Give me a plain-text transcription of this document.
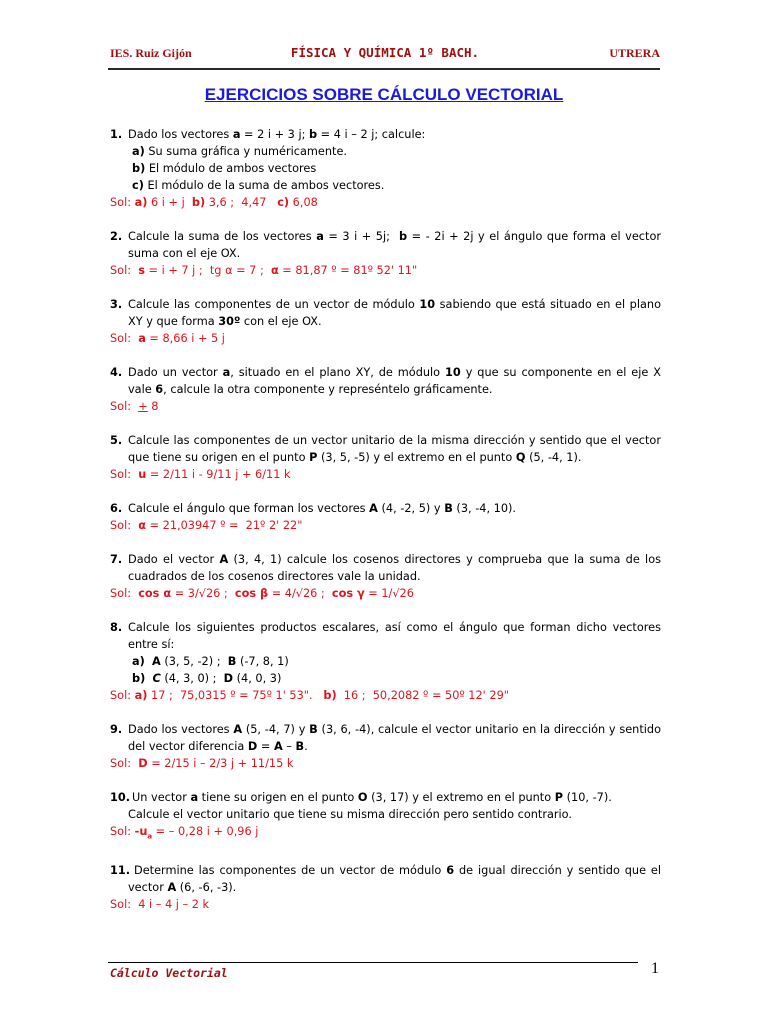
IES. Ruiz Gijón	FÍSICA Y QUÍMICA 1º BACH.	UTRERA
EJERCICIOS SOBRE CÁLCULO VECTORIAL
1. Dado los vectores a = 2 i + 3 j; b = 4 i – 2 j; calcule:
a) Su suma gráfica y numéricamente.
b) El módulo de ambos vectores
c) El módulo de la suma de ambos vectores.
Sol: a) 6 i + j  b) 3,6 ;  4,47   c) 6,08
2. Calcule la suma de los vectores a = 3 i + 5j;  b = - 2i + 2j y el ángulo que forma el vector suma con el eje OX.
Sol:  s = i + 7 j ;  tg α = 7 ;  α = 81,87 º = 81º 52' 11"
3. Calcule las componentes de un vector de módulo 10 sabiendo que está situado en el plano XY y que forma 30º con el eje OX.
Sol:  a = 8,66 i + 5 j
4. Dado un vector a, situado en el plano XY, de módulo 10 y que su componente en el eje X vale 6, calcule la otra componente y represéntelo gráficamente.
Sol:  + 8
5. Calcule las componentes de un vector unitario de la misma dirección y sentido que el vector que tiene su origen en el punto P (3, 5, -5) y el extremo en el punto Q (5, -4, 1).
Sol:  u = 2/11 i - 9/11 j + 6/11 k
6. Calcule el ángulo que forman los vectores A (4, -2, 5) y B (3, -4, 10).
Sol:  α = 21,03947 º =  21º 2' 22"
7. Dado el vector A (3, 4, 1) calcule los cosenos directores y comprueba que la suma de los cuadrados de los cosenos directores vale la unidad.
Sol:  cos α = 3/√26 ;  cos β = 4/√26 ;  cos γ = 1/√26
8. Calcule los siguientes productos escalares, así como el ángulo que forman dicho vectores entre sí:
a) A (3, 5, -2) ;  B (-7, 8, 1)
b) C (4, 3, 0) ;  D (4, 0, 3)
Sol: a) 17 ;  75,0315 º = 75º 1' 53".   b)  16 ;  50,2082 º = 50º 12' 29"
9. Dado los vectores A (5, -4, 7) y B (3, 6, -4), calcule el vector unitario en la dirección y sentido del vector diferencia D = A – B.
Sol:  D = 2/15 i – 2/3 j + 11/15 k
10. Un vector a tiene su origen en el punto O (3, 17) y el extremo en el punto P (10, -7).
Calcule el vector unitario que tiene su misma dirección pero sentido contrario.
Sol: $-u_a$ = – 0,28 i + 0,96 j
11. Determine las componentes de un vector de módulo 6 de igual dirección y sentido que el vector A (6, -6, -3).
Sol:  4 i – 4 j – 2 k
Cálculo Vectorial	1
